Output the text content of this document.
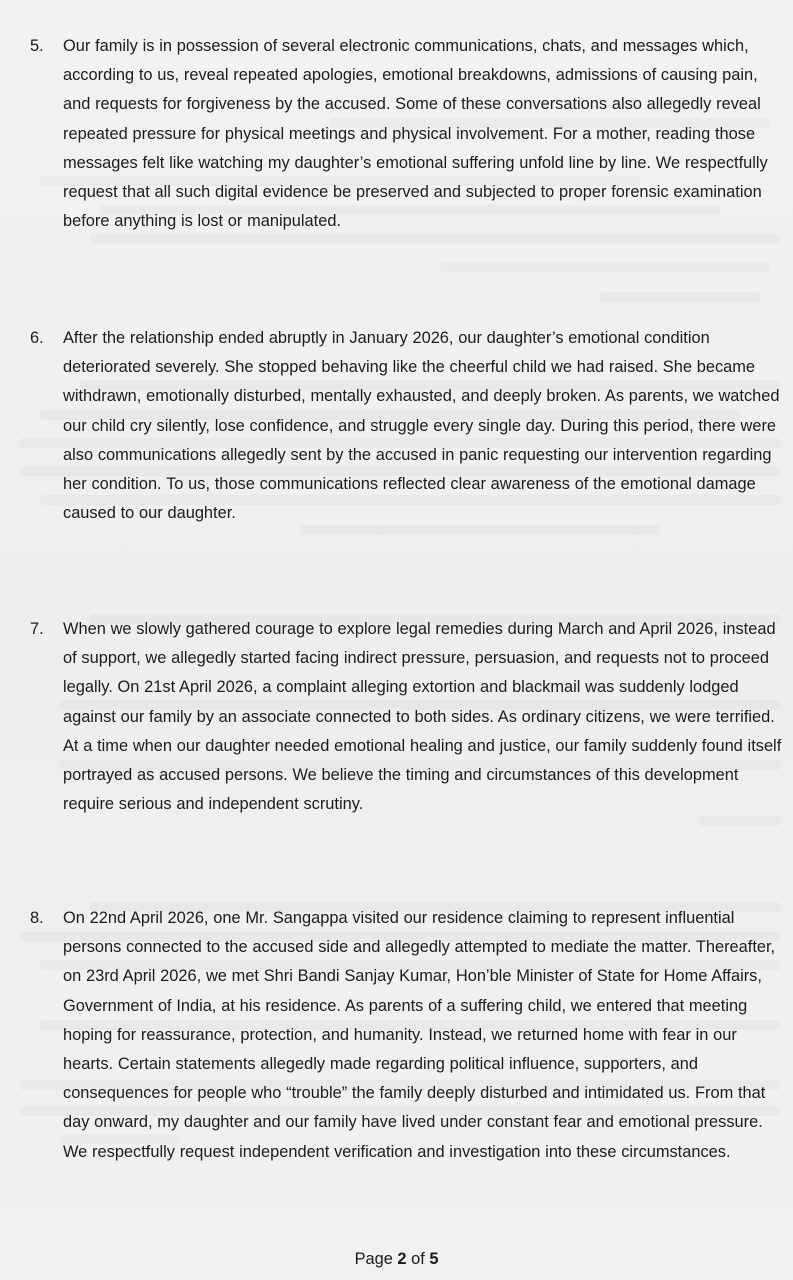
5.	Our family is in possession of several electronic communications, chats, and messages which, according to us, reveal repeated apologies, emotional breakdowns, admissions of causing pain, and requests for forgiveness by the accused. Some of these conversations also allegedly reveal repeated pressure for physical meetings and physical involvement. For a mother, reading those messages felt like watching my daughter’s emotional suffering unfold line by line. We respectfully request that all such digital evidence be preserved and subjected to proper forensic examination before anything is lost or manipulated.
6.	After the relationship ended abruptly in January 2026, our daughter’s emotional condition deteriorated severely. She stopped behaving like the cheerful child we had raised. She became withdrawn, emotionally disturbed, mentally exhausted, and deeply broken. As parents, we watched our child cry silently, lose confidence, and struggle every single day. During this period, there were also communications allegedly sent by the accused in panic requesting our intervention regarding her condition. To us, those communications reflected clear awareness of the emotional damage caused to our daughter.
7.	When we slowly gathered courage to explore legal remedies during March and April 2026, instead of support, we allegedly started facing indirect pressure, persuasion, and requests not to proceed legally. On 21st April 2026, a complaint alleging extortion and blackmail was suddenly lodged against our family by an associate connected to both sides. As ordinary citizens, we were terrified. At a time when our daughter needed emotional healing and justice, our family suddenly found itself portrayed as accused persons. We believe the timing and circumstances of this development require serious and independent scrutiny.
8.	On 22nd April 2026, one Mr. Sangappa visited our residence claiming to represent influential persons connected to the accused side and allegedly attempted to mediate the matter. Thereafter, on 23rd April 2026, we met Shri Bandi Sanjay Kumar, Hon’ble Minister of State for Home Affairs, Government of India, at his residence. As parents of a suffering child, we entered that meeting hoping for reassurance, protection, and humanity. Instead, we returned home with fear in our hearts. Certain statements allegedly made regarding political influence, supporters, and consequences for people who “trouble” the family deeply disturbed and intimidated us. From that day onward, my daughter and our family have lived under constant fear and emotional pressure. We respectfully request independent verification and investigation into these circumstances.
Page 2 of 5
